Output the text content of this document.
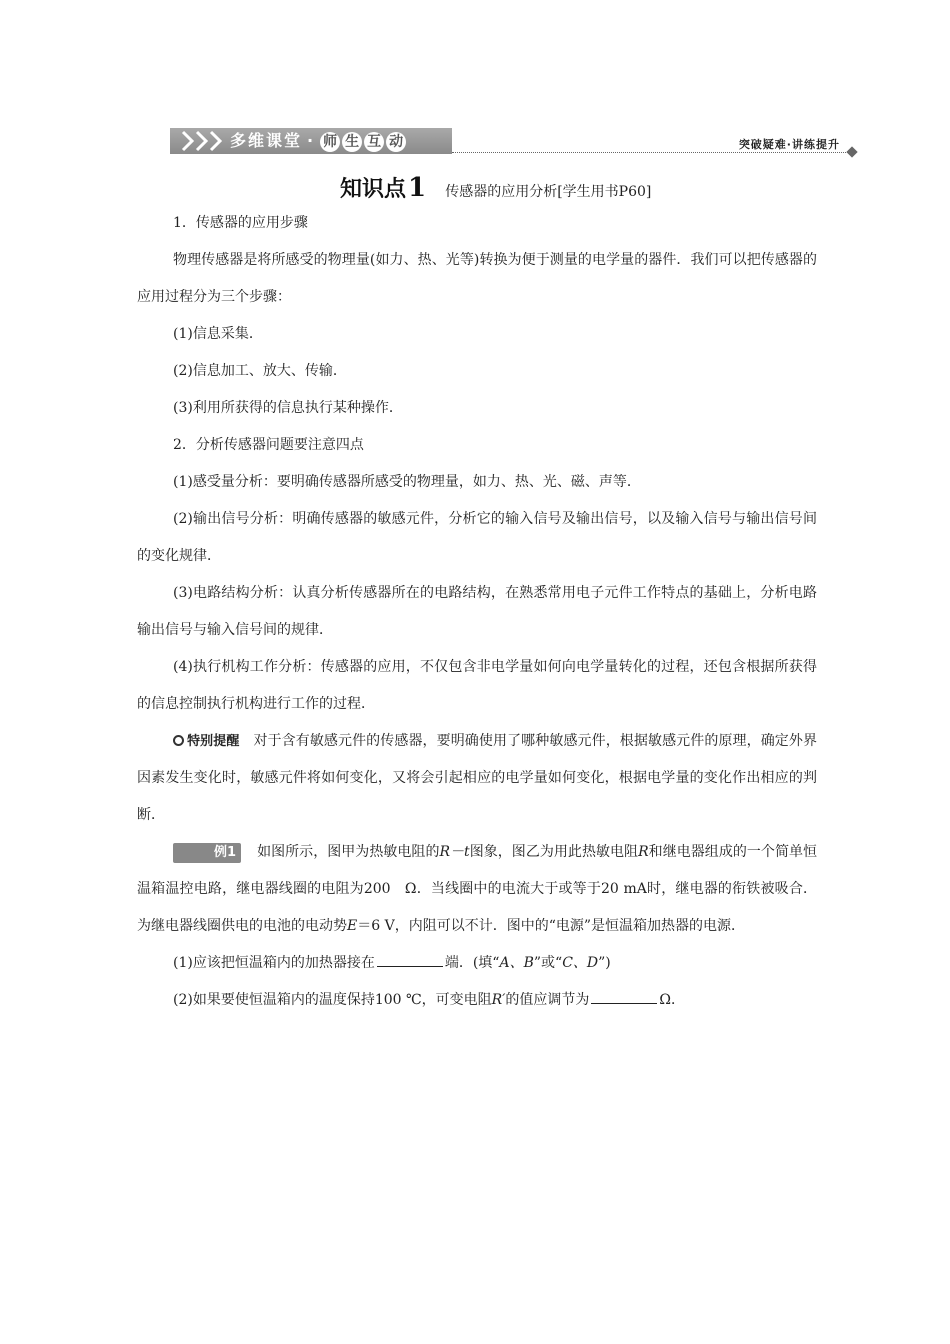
多维课堂 · 师 生 互 动	突破疑难·讲练提升
知识点1 传感器的应用分析[学生用书P60]

1．传感器的应用步骤

物理传感器是将所感受的物理量(如力、热、光等)转换为便于测量的电学量的器件．我们可以把传感器的应用过程分为三个步骤：

(1)信息采集．

(2)信息加工、放大、传输．

(3)利用所获得的信息执行某种操作．

2．分析传感器问题要注意四点

(1)感受量分析：要明确传感器所感受的物理量，如力、热、光、磁、声等．

(2)输出信号分析：明确传感器的敏感元件，分析它的输入信号及输出信号，以及输入信号与输出信号间的变化规律．

(3)电路结构分析：认真分析传感器所在的电路结构，在熟悉常用电子元件工作特点的基础上，分析电路输出信号与输入信号间的规律．

(4)执行机构工作分析：传感器的应用，不仅包含非电学量如何向电学量转化的过程，还包含根据所获得的信息控制执行机构进行工作的过程．

特别提醒 对于含有敏感元件的传感器，要明确使用了哪种敏感元件，根据敏感元件的原理，确定外界因素发生变化时，敏感元件将如何变化，又将会引起相应的电学量如何变化，根据电学量的变化作出相应的判断．

例1 如图所示，图甲为热敏电阻的R－t图象，图乙为用此热敏电阻R和继电器组成的一个简单恒温箱温控电路，继电器线圈的电阻为200　Ω．当线圈中的电流大于或等于20 mA时，继电器的衔铁被吸合．为继电器线圈供电的电池的电动势E＝6 V，内阻可以不计．图中的“电源”是恒温箱加热器的电源．

(1)应该把恒温箱内的加热器接在	端．(填“A、B”或“C、D”)

(2)如果要使恒温箱内的温度保持100 ℃，可变电阻R′的值应调节为	Ω．
